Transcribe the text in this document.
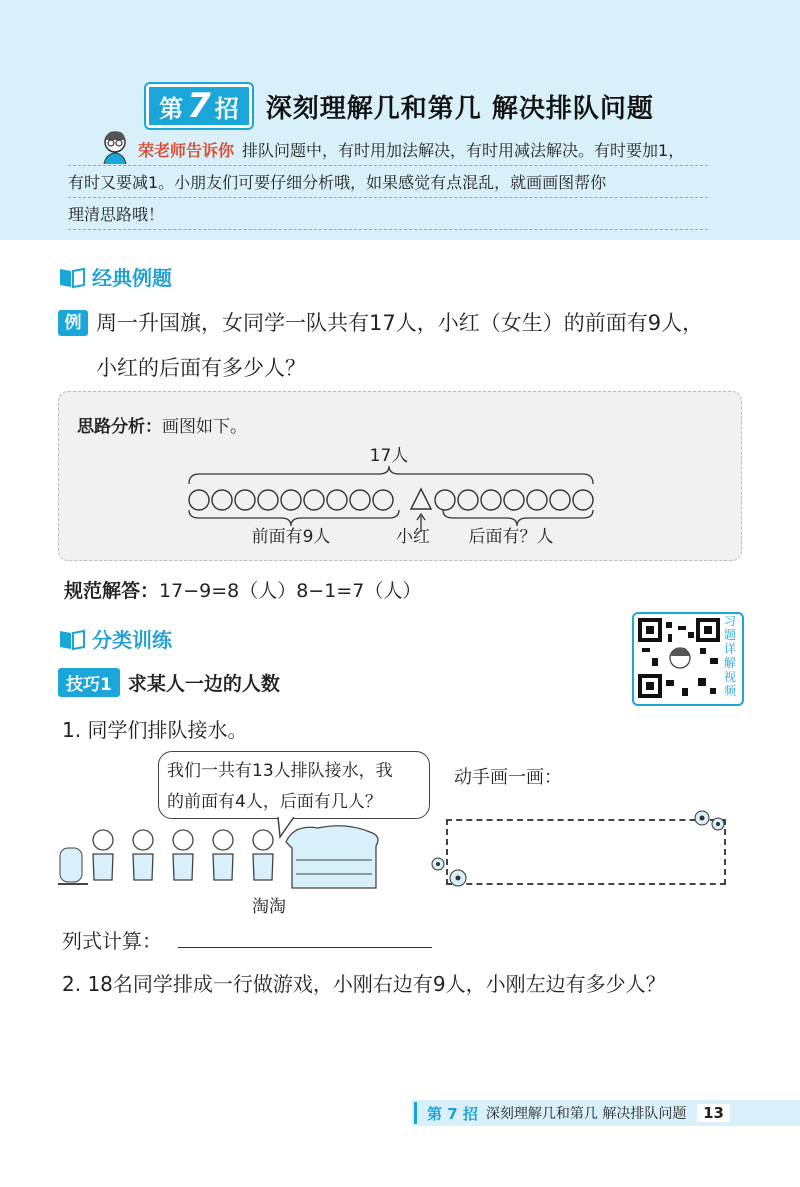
第 7 招 深刻理解几和第几 解决排队问题
荣老师告诉你 排队问题中，有时用加法解决，有时用减法解决。有时要加1，
有时又要减1。小朋友们可要仔细分析哦，如果感觉有点混乱，就画画图帮你
理清思路哦！
经典例题
例 周一升国旗，女同学一队共有17人，小红（女生）的前面有9人，
小红的后面有多少人？
思路分析：画图如下。
17人
前面有9人	小红 后面有？人
规范解答：17−9=8（人）8−1=7（人）
分类训练
习题详解视频
技巧1 求某人一边的人数
1. 同学们排队接水。
我们一共有13人排队接水，我
的前面有4人，后面有几人？
动手画一画：
淘淘
列式计算：
2. 18名同学排成一行做游戏，小刚右边有9人，小刚左边有多少人？
第 7 招 深刻理解几和第几 解决排队问题	13
